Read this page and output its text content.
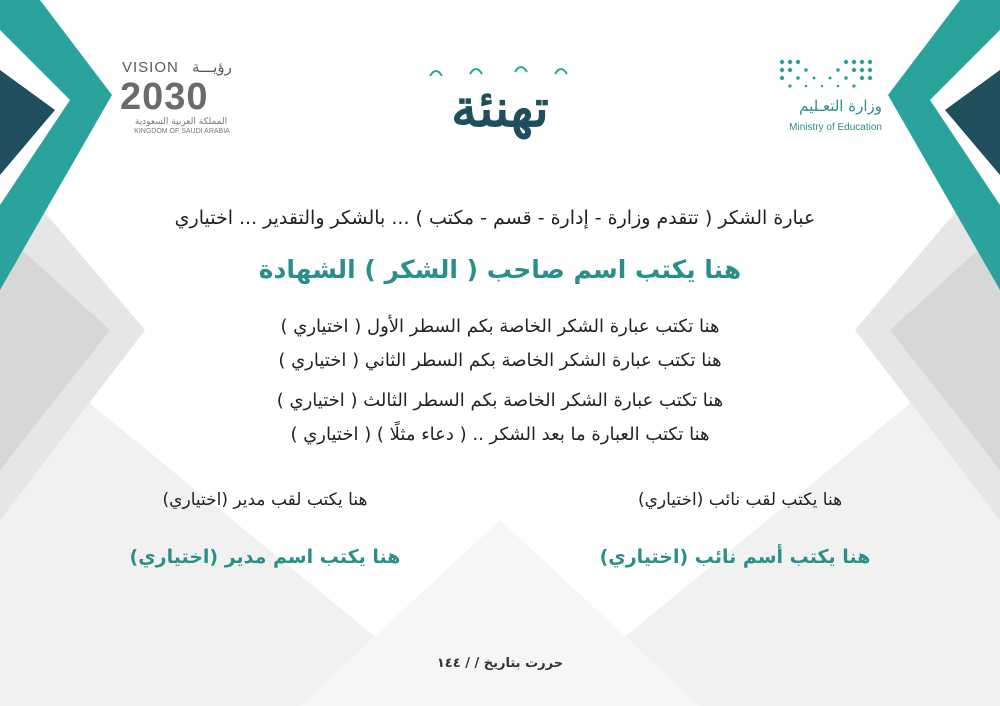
VISION رؤيـــة
2030
المملكة العربية السعودية
KINGDOM OF SAUDI ARABIA	تهنئة	وزارة التعـليم
Ministry of Education
عبارة الشكر ( تتقدم وزارة - إدارة - قسم - مكتب ) ... بالشكر والتقدير ... اختياري
هنا يكتب اسم صاحب ( الشكر ) الشهادة
هنا تكتب عبارة الشكر الخاصة بكم السطر الأول ( اختياري )
هنا تكتب عبارة الشكر الخاصة بكم السطر الثاني ( اختياري )
هنا تكتب عبارة الشكر الخاصة بكم السطر الثالث ( اختياري )
هنا تكتب العبارة ما بعد الشكر .. ( دعاء مثلًا ) ( اختياري )
هنا يكتب لقب نائب (اختياري)
هنا يكتب أسم نائب (اختياري)
هنا يكتب لقب مدير (اختياري)
هنا يكتب اسم مدير (اختياري)
حررت بتاريخ / / ١٤٤
